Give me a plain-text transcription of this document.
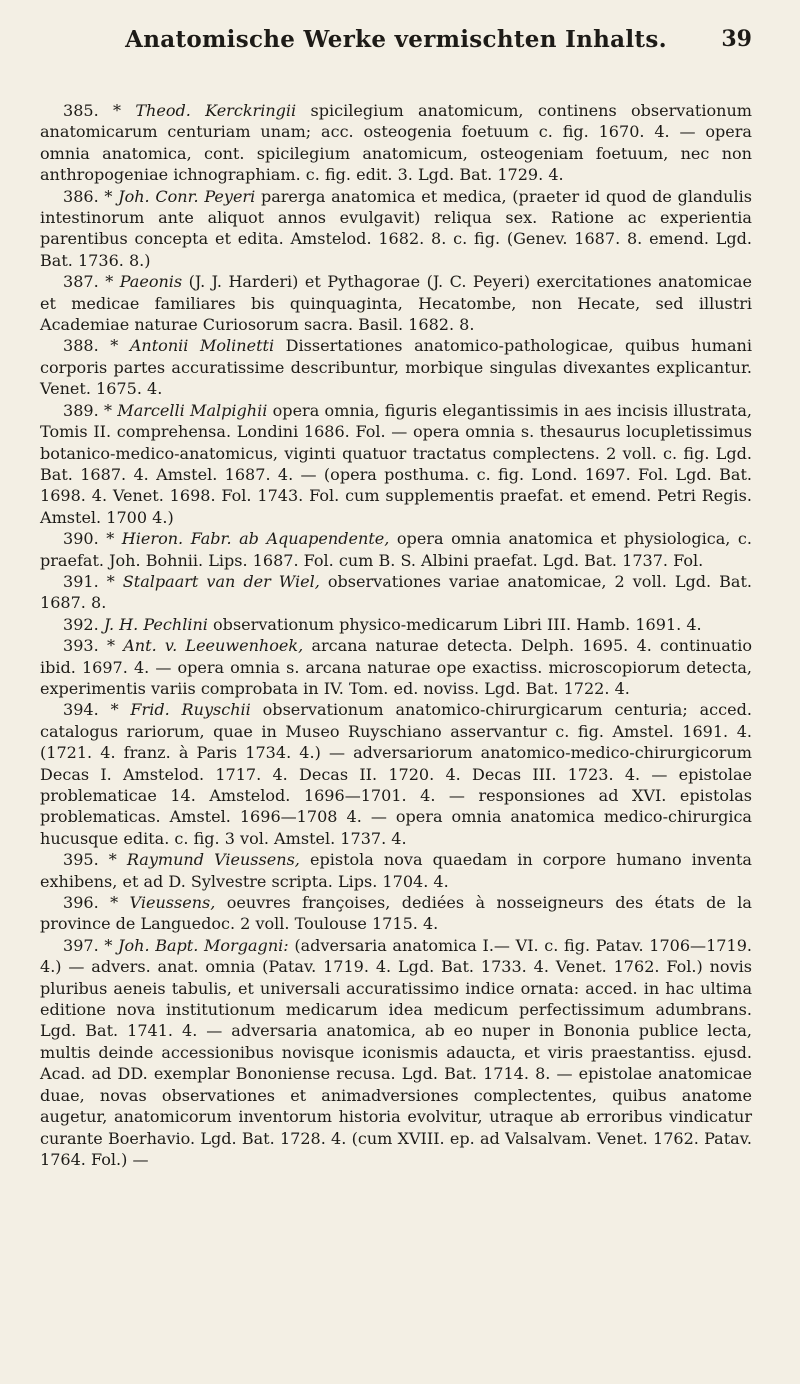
Anatomische Werke vermischten Inhalts.	39

385. * Theod. Kerckringii spicilegium anatomicum, continens observationum anatomicarum centuriam unam; acc. osteogenia foetuum c. fig. 1670. 4. — opera omnia anatomica, cont. spicilegium anatomicum, osteogeniam foetuum, nec non anthropogeniae ichnographiam. c. fig. edit. 3. Lgd. Bat. 1729. 4.

386. * Joh. Conr. Peyeri parerga anatomica et medica, (praeter id quod de glandulis intestinorum ante aliquot annos evulgavit) reliqua sex. Ratione ac experientia parentibus concepta et edita. Amstelod. 1682. 8. c. fig. (Genev. 1687. 8. emend. Lgd. Bat. 1736. 8.)

387. * Paeonis (J. J. Harderi) et Pythagorae (J. C. Peyeri) exercitationes anatomicae et medicae familiares bis quinquaginta, Hecatombe, non Hecate, sed illustri Academiae naturae Curiosorum sacra. Basil. 1682. 8.

388. * Antonii Molinetti Dissertationes anatomico-pathologicae, quibus humani corporis partes accuratissime describuntur, morbique singulas divexantes explicantur. Venet. 1675. 4.

389. * Marcelli Malpighii opera omnia, figuris elegantissimis in aes incisis illustrata, Tomis II. comprehensa. Londini 1686. Fol. — opera omnia s. thesaurus locupletissimus botanico-medico-anatomicus, viginti quatuor tractatus complectens. 2 voll. c. fig. Lgd. Bat. 1687. 4. Amstel. 1687. 4. — (opera posthuma. c. fig. Lond. 1697. Fol. Lgd. Bat. 1698. 4. Venet. 1698. Fol. 1743. Fol. cum supplementis praefat. et emend. Petri Regis. Amstel. 1700 4.)

390. * Hieron. Fabr. ab Aquapendente, opera omnia anatomica et physiologica, c. praefat. Joh. Bohnii. Lips. 1687. Fol. cum B. S. Albini praefat. Lgd. Bat. 1737. Fol.

391. * Stalpaart van der Wiel, observationes variae anatomicae, 2 voll. Lgd. Bat. 1687. 8.

392. J. H. Pechlini observationum physico-medicarum Libri III. Hamb. 1691. 4.

393. * Ant. v. Leeuwenhoek, arcana naturae detecta. Delph. 1695. 4. continuatio ibid. 1697. 4. — opera omnia s. arcana naturae ope exactiss. microscopiorum detecta, experimentis variis comprobata in IV. Tom. ed. noviss. Lgd. Bat. 1722. 4.

394. * Frid. Ruyschii observationum anatomico-chirurgicarum centuria; acced. catalogus rariorum, quae in Museo Ruyschiano asservantur c. fig. Amstel. 1691. 4. (1721. 4. franz. à Paris 1734. 4.) — adversariorum anatomico-medico-chirurgicorum Decas I. Amstelod. 1717. 4. Decas II. 1720. 4. Decas III. 1723. 4. — epistolae problematicae 14. Amstelod. 1696—1701. 4. — responsiones ad XVI. epistolas problematicas. Amstel. 1696—1708 4. — opera omnia anatomica medico-chirurgica hucusque edita. c. fig. 3 vol. Amstel. 1737. 4.

395. * Raymund Vieussens, epistola nova quaedam in corpore humano inventa exhibens, et ad D. Sylvestre scripta. Lips. 1704. 4.

396. * Vieussens, oeuvres françoises, dediées à nosseigneurs des états de la province de Languedoc. 2 voll. Toulouse 1715. 4.

397. * Joh. Bapt. Morgagni: (adversaria anatomica I.— VI. c. fig. Patav. 1706—1719. 4.) — advers. anat. omnia (Patav. 1719. 4. Lgd. Bat. 1733. 4. Venet. 1762. Fol.) novis pluribus aeneis tabulis, et universali accuratissimo indice ornata: acced. in hac ultima editione nova institutionum medicarum idea medicum perfectissimum adumbrans. Lgd. Bat. 1741. 4. — adversaria anatomica, ab eo nuper in Bononia publice lecta, multis deinde accessionibus novisque iconismis adaucta, et viris praestantiss. ejusd. Acad. ad DD. exemplar Bononiense recusa. Lgd. Bat. 1714. 8. — epistolae anatomicae duae, novas observationes et animadversiones complectentes, quibus anatome augetur, anatomicorum inventorum historia evolvitur, utraque ab erroribus vindicatur curante Boerhavio. Lgd. Bat. 1728. 4. (cum XVIII. ep. ad Valsalvam. Venet. 1762. Patav. 1764. Fol.) —
